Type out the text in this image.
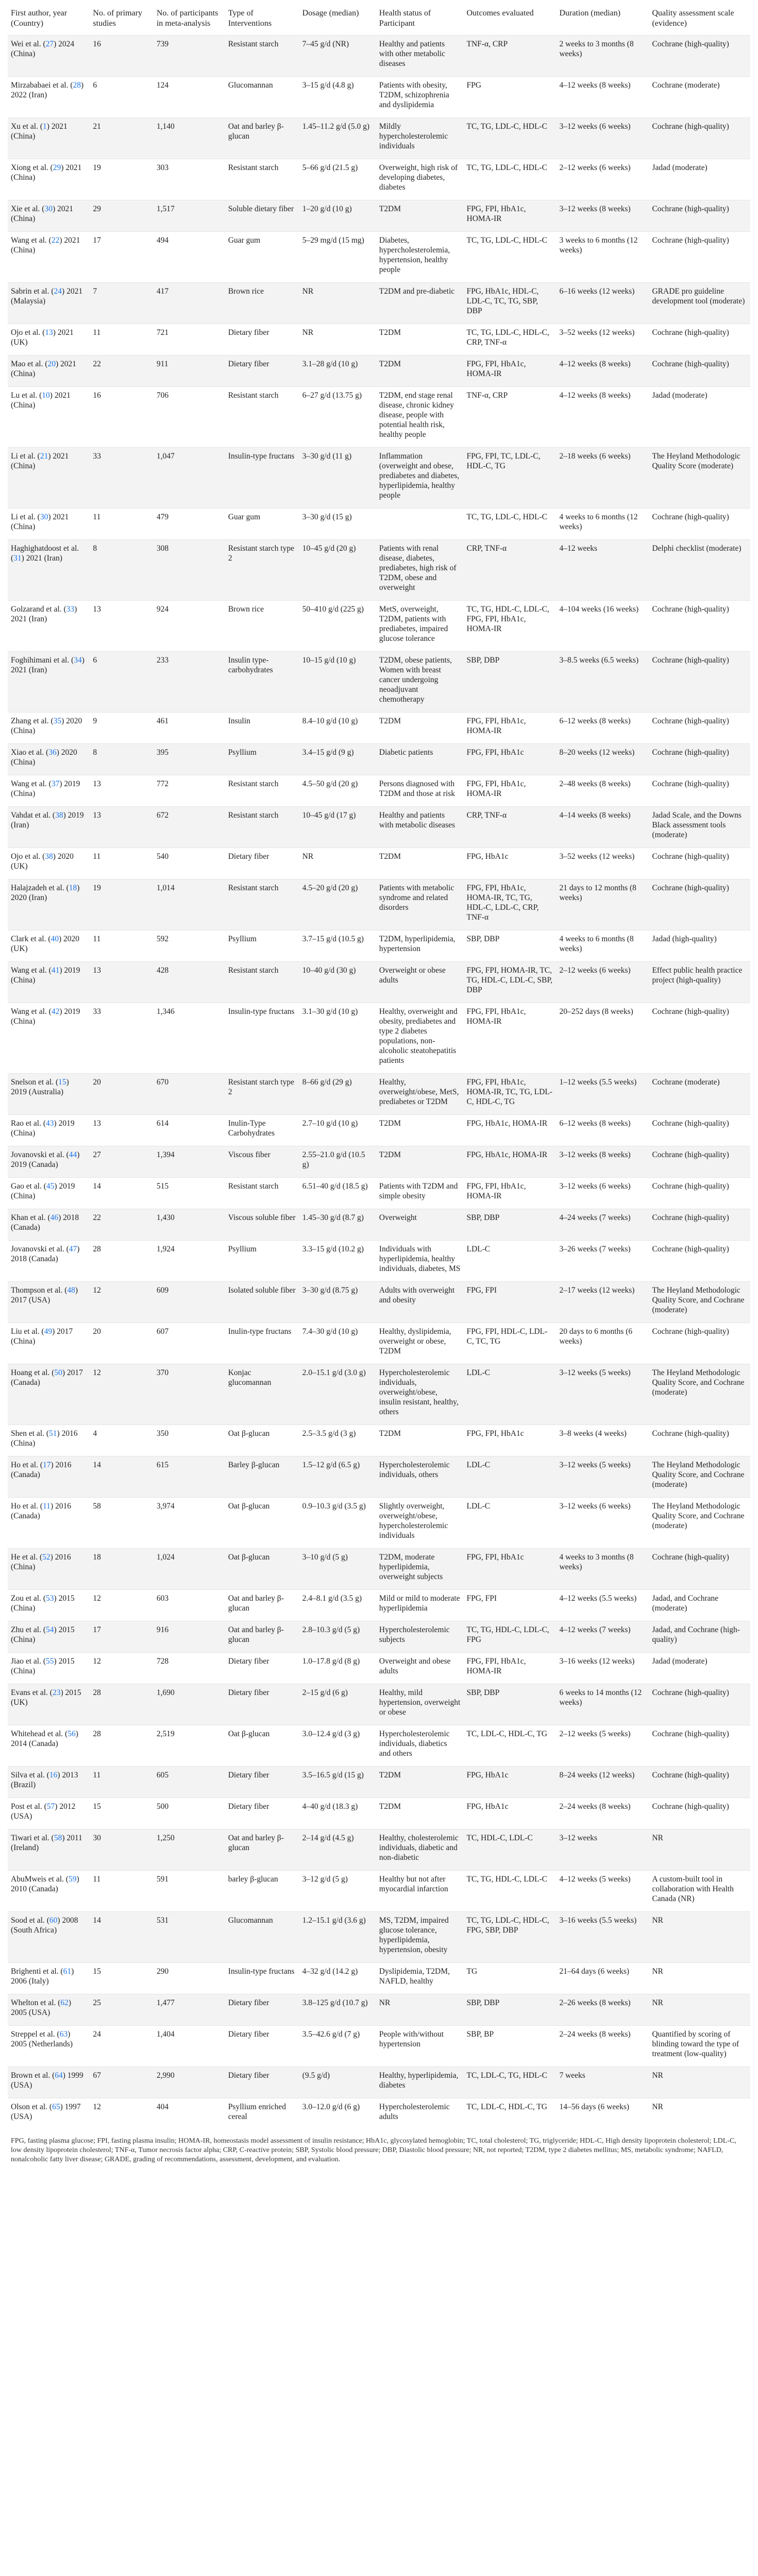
First author, year (Country)	No. of primary studies	No. of participants in meta-analysis	Type of Interventions	Dosage (median)	Health status of Participant	Outcomes evaluated	Duration (median)	Quality assessment scale (evidence)
Wei et al. (27) 2024 (China)	16	739	Resistant starch	7–45 g/d (NR)	Healthy and patients with other metabolic diseases	TNF-α, CRP	2 weeks to 3 months (8 weeks)	Cochrane (high-quality)
Mirzababaei et al. (28) 2022 (Iran)	6	124	Glucomannan	3–15 g/d (4.8 g)	Patients with obesity, T2DM, schizophrenia and dyslipidemia	FPG	4–12 weeks (8 weeks)	Cochrane (moderate)
Xu et al. (1) 2021 (China)	21	1,140	Oat and barley β-glucan	1.45–11.2 g/d (5.0 g)	Mildly hypercholesterolemic individuals	TC, TG, LDL-C, HDL-C	3–12 weeks (6 weeks)	Cochrane (high-quality)
Xiong et al. (29) 2021 (China)	19	303	Resistant starch	5–66 g/d (21.5 g)	Overweight, high risk of developing diabetes, diabetes	TC, TG, LDL-C, HDL-C	2–12 weeks (6 weeks)	Jadad (moderate)
Xie et al. (30) 2021 (China)	29	1,517	Soluble dietary fiber	1–20 g/d (10 g)	T2DM	FPG, FPI, HbA1c, HOMA-IR	3–12 weeks (8 weeks)	Cochrane (high-quality)
Wang et al. (22) 2021 (China)	17	494	Guar gum	5–29 mg/d (15 mg)	Diabetes, hypercholesterolemia, hypertension, healthy people	TC, TG, LDL-C, HDL-C	3 weeks to 6 months (12 weeks)	Cochrane (high-quality)
Sabrin et al. (24) 2021 (Malaysia)	7	417	Brown rice	NR	T2DM and pre-diabetic	FPG, HbA1c, HDL-C, LDL-C, TC, TG, SBP, DBP	6–16 weeks (12 weeks)	GRADE pro guideline development tool (moderate)
Ojo et al. (13) 2021 (UK)	11	721	Dietary fiber	NR	T2DM	TC, TG, LDL-C, HDL-C, CRP, TNF-α	3–52 weeks (12 weeks)	Cochrane (high-quality)
Mao et al. (20) 2021 (China)	22	911	Dietary fiber	3.1–28 g/d (10 g)	T2DM	FPG, FPI, HbA1c, HOMA-IR	4–12 weeks (8 weeks)	Cochrane (high-quality)
Lu et al. (10) 2021 (China)	16	706	Resistant starch	6–27 g/d (13.75 g)	T2DM, end stage renal disease, chronic kidney disease, people with potential health risk, healthy people	TNF-α, CRP	4–12 weeks (8 weeks)	Jadad (moderate)
Li et al. (21) 2021 (China)	33	1,047	Insulin-type fructans	3–30 g/d (11 g)	Inflammation (overweight and obese, prediabetes and diabetes, hyperlipidemia, healthy people	FPG, FPI, TC, LDL-C, HDL-C, TG	2–18 weeks (6 weeks)	The Heyland Methodologic Quality Score (moderate)
Li et al. (30) 2021 (China)	11	479	Guar gum	3–30 g/d (15 g)		TC, TG, LDL-C, HDL-C	4 weeks to 6 months (12 weeks)	Cochrane (high-quality)
Haghighatdoost et al. (31) 2021 (Iran)	8	308	Resistant starch type 2	10–45 g/d (20 g)	Patients with renal disease, diabetes, prediabetes, high risk of T2DM, obese and overweight	CRP, TNF-α	4–12 weeks	Delphi checklist (moderate)
Golzarand et al. (33) 2021 (Iran)	13	924	Brown rice	50–410 g/d (225 g)	MetS, overweight, T2DM, patients with prediabetes, impaired glucose tolerance	TC, TG, HDL-C, LDL-C, FPG, FPI, HbA1c, HOMA-IR	4–104 weeks (16 weeks)	Cochrane (high-quality)
Foghihimani et al. (34) 2021 (Iran)	6	233	Insulin type-carbohydrates	10–15 g/d (10 g)	T2DM, obese patients, Women with breast cancer undergoing neoadjuvant chemotherapy	SBP, DBP	3–8.5 weeks (6.5 weeks)	Cochrane (high-quality)
Zhang et al. (35) 2020 (China)	9	461	Insulin	8.4–10 g/d (10 g)	T2DM	FPG, FPI, HbA1c, HOMA-IR	6–12 weeks (8 weeks)	Cochrane (high-quality)
Xiao et al. (36) 2020 (China)	8	395	Psyllium	3.4–15 g/d (9 g)	Diabetic patients	FPG, FPI, HbA1c	8–20 weeks (12 weeks)	Cochrane (high-quality)
Wang et al. (37) 2019 (China)	13	772	Resistant starch	4.5–50 g/d (20 g)	Persons diagnosed with T2DM and those at risk	FPG, FPI, HbA1c, HOMA-IR	2–48 weeks (8 weeks)	Cochrane (high-quality)
Vahdat et al. (38) 2019 (Iran)	13	672	Resistant starch	10–45 g/d (17 g)	Healthy and patients with metabolic diseases	CRP, TNF-α	4–14 weeks (8 weeks)	Jadad Scale, and the Downs Black assessment tools (moderate)
Ojo et al. (38) 2020 (UK)	11	540	Dietary fiber	NR	T2DM	FPG, HbA1c	3–52 weeks (12 weeks)	Cochrane (high-quality)
Halajzadeh et al. (18) 2020 (Iran)	19	1,014	Resistant starch	4.5–20 g/d (20 g)	Patients with metabolic syndrome and related disorders	FPG, FPI, HbA1c, HOMA-IR, TC, TG, HDL-C, LDL-C, CRP, TNF-α	21 days to 12 months (8 weeks)	Cochrane (high-quality)
Clark et al. (40) 2020 (UK)	11	592	Psyllium	3.7–15 g/d (10.5 g)	T2DM, hyperlipidemia, hypertension	SBP, DBP	4 weeks to 6 months (8 weeks)	Jadad (high-quality)
Wang et al. (41) 2019 (China)	13	428	Resistant starch	10–40 g/d (30 g)	Overweight or obese adults	FPG, FPI, HOMA-IR, TC, TG, HDL-C, LDL-C, SBP, DBP	2–12 weeks (6 weeks)	Effect public health practice project (high-quality)
Wang et al. (42) 2019 (China)	33	1,346	Insulin-type fructans	3.1–30 g/d (10 g)	Healthy, overweight and obesity, prediabetes and type 2 diabetes populations, non-alcoholic steatohepatitis patients	FPG, FPI, HbA1c, HOMA-IR	20–252 days (8 weeks)	Cochrane (high-quality)
Snelson et al. (15) 2019 (Australia)	20	670	Resistant starch type 2	8–66 g/d (29 g)	Healthy, overweight/obese, MetS, prediabetes or T2DM	FPG, FPI, HbA1c, HOMA-IR, TC, TG, LDL-C, HDL-C, TG	1–12 weeks (5.5 weeks)	Cochrane (moderate)
Rao et al. (43) 2019 (China)	13	614	Inulin-Type Carbohydrates	2.7–10 g/d (10 g)	T2DM	FPG, HbA1c, HOMA-IR	6–12 weeks (8 weeks)	Cochrane (high-quality)
Jovanovski et al. (44) 2019 (Canada)	27	1,394	Viscous fiber	2.55–21.0 g/d (10.5 g)	T2DM	FPG, HbA1c, HOMA-IR	3–12 weeks (8 weeks)	Cochrane (high-quality)
Gao et al. (45) 2019 (China)	14	515	Resistant starch	6.51–40 g/d (18.5 g)	Patients with T2DM and simple obesity	FPG, FPI, HbA1c, HOMA-IR	3–12 weeks (6 weeks)	Cochrane (high-quality)
Khan et al. (46) 2018 (Canada)	22	1,430	Viscous soluble fiber	1.45–30 g/d (8.7 g)	Overweight	SBP, DBP	4–24 weeks (7 weeks)	Cochrane (high-quality)
Jovanovski et al. (47) 2018 (Canada)	28	1,924	Psyllium	3.3–15 g/d (10.2 g)	Individuals with hyperlipidemia, healthy individuals, diabetes, MS	LDL-C	3–26 weeks (7 weeks)	Cochrane (high-quality)
Thompson et al. (48) 2017 (USA)	12	609	Isolated soluble fiber	3–30 g/d (8.75 g)	Adults with overweight and obesity	FPG, FPI	2–17 weeks (12 weeks)	The Heyland Methodologic Quality Score, and Cochrane (moderate)
Liu et al. (49) 2017 (China)	20	607	Inulin-type fructans	7.4–30 g/d (10 g)	Healthy, dyslipidemia, overweight or obese, T2DM	FPG, FPI, HDL-C, LDL-C, TC, TG	20 days to 6 months (6 weeks)	Cochrane (high-quality)
Hoang et al. (50) 2017 (Canada)	12	370	Konjac glucomannan	2.0–15.1 g/d (3.0 g)	Hypercholesterolemic individuals, overweight/obese, insulin resistant, healthy, others	LDL-C	3–12 weeks (5 weeks)	The Heyland Methodologic Quality Score, and Cochrane (moderate)
Shen et al. (51) 2016 (China)	4	350	Oat β-glucan	2.5–3.5 g/d (3 g)	T2DM	FPG, FPI, HbA1c	3–8 weeks (4 weeks)	Cochrane (high-quality)
Ho et al. (17) 2016 (Canada)	14	615	Barley β-glucan	1.5–12 g/d (6.5 g)	Hypercholesterolemic individuals, others	LDL-C	3–12 weeks (5 weeks)	The Heyland Methodologic Quality Score, and Cochrane (moderate)
Ho et al. (11) 2016 (Canada)	58	3,974	Oat β-glucan	0.9–10.3 g/d (3.5 g)	Slightly overweight, overweight/obese, hypercholesterolemic individuals	LDL-C	3–12 weeks (6 weeks)	The Heyland Methodologic Quality Score, and Cochrane (moderate)
He et al. (52) 2016 (China)	18	1,024	Oat β-glucan	3–10 g/d (5 g)	T2DM, moderate hyperlipidemia, overweight subjects	FPG, FPI, HbA1c	4 weeks to 3 months (8 weeks)	Cochrane (high-quality)
Zou et al. (53) 2015 (China)	12	603	Oat and barley β-glucan	2.4–8.1 g/d (3.5 g)	Mild or mild to moderate hyperlipidemia	FPG, FPI	4–12 weeks (5.5 weeks)	Jadad, and Cochrane (moderate)
Zhu et al. (54) 2015 (China)	17	916	Oat and barley β-glucan	2.8–10.3 g/d (5 g)	Hypercholesterolemic subjects	TC, TG, HDL-C, LDL-C, FPG	4–12 weeks (7 weeks)	Jadad, and Cochrane (high-quality)
Jiao et al. (55) 2015 (China)	12	728	Dietary fiber	1.0–17.8 g/d (8 g)	Overweight and obese adults	FPG, FPI, HbA1c, HOMA-IR	3–16 weeks (12 weeks)	Jadad (moderate)
Evans et al. (23) 2015 (UK)	28	1,690	Dietary fiber	2–15 g/d (6 g)	Healthy, mild hypertension, overweight or obese	SBP, DBP	6 weeks to 14 months (12 weeks)	Cochrane (high-quality)
Whitehead et al. (56) 2014 (Canada)	28	2,519	Oat β-glucan	3.0–12.4 g/d (3 g)	Hypercholesterolemic individuals, diabetics and others	TC, LDL-C, HDL-C, TG	2–12 weeks (5 weeks)	Cochrane (high-quality)
Silva et al. (16) 2013 (Brazil)	11	605	Dietary fiber	3.5–16.5 g/d (15 g)	T2DM	FPG, HbA1c	8–24 weeks (12 weeks)	Cochrane (high-quality)
Post et al. (57) 2012 (USA)	15	500	Dietary fiber	4–40 g/d (18.3 g)	T2DM	FPG, HbA1c	2–24 weeks (8 weeks)	Cochrane (high-quality)
Tiwari et al. (58) 2011 (Ireland)	30	1,250	Oat and barley β-glucan	2–14 g/d (4.5 g)	Healthy, cholesterolemic individuals, diabetic and non-diabetic	TC, HDL-C, LDL-C	3–12 weeks	NR
AbuMweis et al. (59) 2010 (Canada)	11	591	barley β-glucan	3–12 g/d (5 g)	Healthy but not after myocardial infarction	TC, TG, HDL-C, LDL-C	4–12 weeks (5 weeks)	A custom-built tool in collaboration with Health Canada (NR)
Sood et al. (60) 2008 (South Africa)	14	531	Glucomannan	1.2–15.1 g/d (3.6 g)	MS, T2DM, impaired glucose tolerance, hyperlipidemia, hypertension, obesity	TC, TG, LDL-C, HDL-C, FPG, SBP, DBP	3–16 weeks (5.5 weeks)	NR
Brighenti et al. (61) 2006 (Italy)	15	290	Insulin-type fructans	4–32 g/d (14.2 g)	Dyslipidemia, T2DM, NAFLD, healthy	TG	21–64 days (6 weeks)	NR
Whelton et al. (62) 2005 (USA)	25	1,477	Dietary fiber	3.8–125 g/d (10.7 g)	NR	SBP, DBP	2–26 weeks (8 weeks)	NR
Streppel et al. (63) 2005 (Netherlands)	24	1,404	Dietary fiber	3.5–42.6 g/d (7 g)	People with/without hypertension	SBP, BP	2–24 weeks (8 weeks)	Quantified by scoring of blinding toward the type of treatment (low-quality)
Brown et al. (64) 1999 (USA)	67	2,990	Dietary fiber	(9.5 g/d)	Healthy, hyperlipidemia, diabetes	TC, LDL-C, TG, HDL-C	7 weeks	NR
Olson et al. (65) 1997 (USA)	12	404	Psyllium enriched cereal	3.0–12.0 g/d (6 g)	Hypercholesterolemic adults	TC, LDL-C, HDL-C, TG	14–56 days (6 weeks)	NR
FPG, fasting plasma glucose; FPI, fasting plasma insulin; HOMA-IR, homeostasis model assessment of insulin resistance; HbA1c, glycosylated hemoglobin; TC, total cholesterol; TG, triglyceride; HDL-C, High density lipoprotein cholesterol; LDL-C, low density lipoprotein cholesterol; TNF-α, Tumor necrosis factor alpha; CRP, C-reactive protein; SBP, Systolic blood pressure; DBP, Diastolic blood pressure; NR, not reported; T2DM, type 2 diabetes mellitus; MS, metabolic syndrome; NAFLD, nonalcoholic fatty liver disease; GRADE, grading of recommendations, assessment, development, and evaluation.
